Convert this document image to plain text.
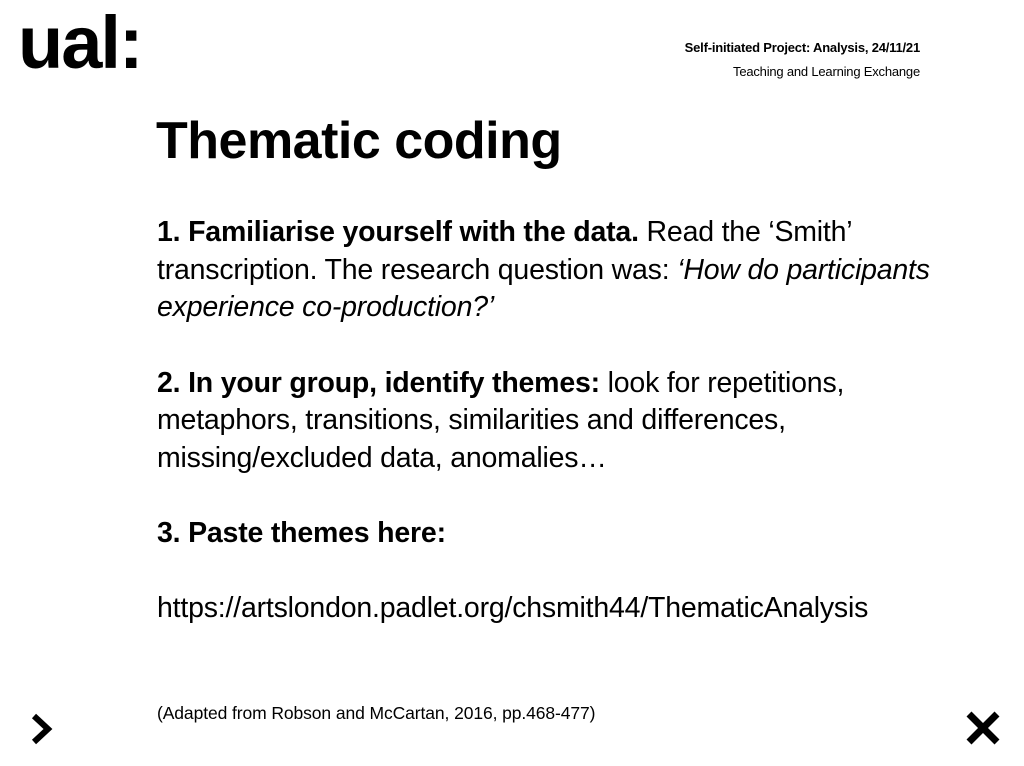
ual:	Self-initiated Project: Analysis, 24/11/21
Teaching and Learning Exchange
Thematic coding

1. Familiarise yourself with the data. Read the ‘Smith’ transcription. The research question was: ‘How do participants experience co-production?’

2. In your group, identify themes: look for repetitions, metaphors, transitions, similarities and differences, missing/excluded data, anomalies…

3. Paste themes here:

https://artslondon.padlet.org/chsmith44/ThematicAnalysis

(Adapted from Robson and McCartan, 2016, pp.468-477)
